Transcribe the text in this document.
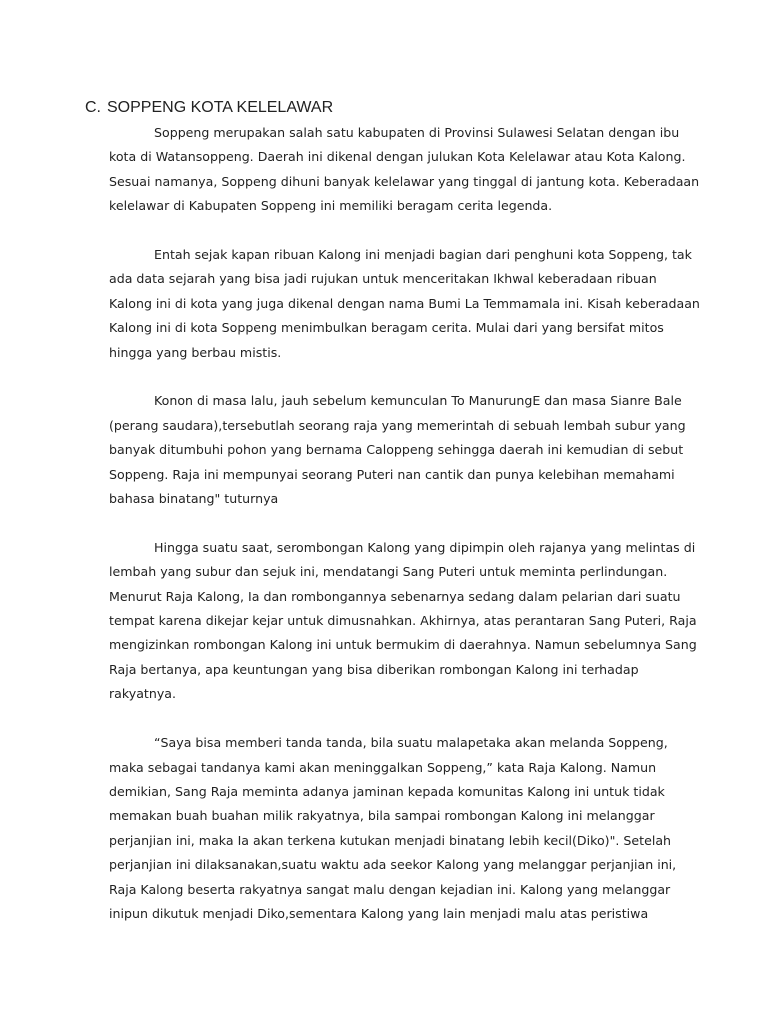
C. SOPPENG KOTA KELELAWAR

Soppeng merupakan salah satu kabupaten di Provinsi Sulawesi Selatan dengan ibu
kota di Watansoppeng. Daerah ini dikenal dengan julukan Kota Kelelawar atau Kota Kalong.
Sesuai namanya, Soppeng dihuni banyak kelelawar yang tinggal di jantung kota. Keberadaan
kelelawar di Kabupaten Soppeng ini memiliki beragam cerita legenda.

Entah sejak kapan ribuan Kalong ini menjadi bagian dari penghuni kota Soppeng, tak
ada data sejarah yang bisa jadi rujukan untuk menceritakan Ikhwal keberadaan ribuan
Kalong ini di kota yang juga dikenal dengan nama Bumi La Temmamala ini. Kisah keberadaan
Kalong ini di kota Soppeng menimbulkan beragam cerita. Mulai dari yang bersifat mitos
hingga yang berbau mistis.

Konon di masa lalu, jauh sebelum kemunculan To ManurungE dan masa Sianre Bale
(perang saudara),tersebutlah seorang raja yang memerintah di sebuah lembah subur yang
banyak ditumbuhi pohon yang bernama Caloppeng sehingga daerah ini kemudian di sebut
Soppeng. Raja ini mempunyai seorang Puteri nan cantik dan punya kelebihan memahami
bahasa binatang" tuturnya

Hingga suatu saat, serombongan Kalong yang dipimpin oleh rajanya yang melintas di
lembah yang subur dan sejuk ini, mendatangi Sang Puteri untuk meminta perlindungan.
Menurut Raja Kalong, Ia dan rombongannya sebenarnya sedang dalam pelarian dari suatu
tempat karena dikejar kejar untuk dimusnahkan. Akhirnya, atas perantaran Sang Puteri, Raja
mengizinkan rombongan Kalong ini untuk bermukim di daerahnya. Namun sebelumnya Sang
Raja bertanya, apa keuntungan yang bisa diberikan rombongan Kalong ini terhadap
rakyatnya.

“Saya bisa memberi tanda tanda, bila suatu malapetaka akan melanda Soppeng,
maka sebagai tandanya kami akan meninggalkan Soppeng,” kata Raja Kalong. Namun
demikian, Sang Raja meminta adanya jaminan kepada komunitas Kalong ini untuk tidak
memakan buah buahan milik rakyatnya, bila sampai rombongan Kalong ini melanggar
perjanjian ini, maka Ia akan terkena kutukan menjadi binatang lebih kecil(Diko)". Setelah
perjanjian ini dilaksanakan,suatu waktu ada seekor Kalong yang melanggar perjanjian ini,
Raja Kalong beserta rakyatnya sangat malu dengan kejadian ini. Kalong yang melanggar
inipun dikutuk menjadi Diko,sementara Kalong yang lain menjadi malu atas peristiwa
